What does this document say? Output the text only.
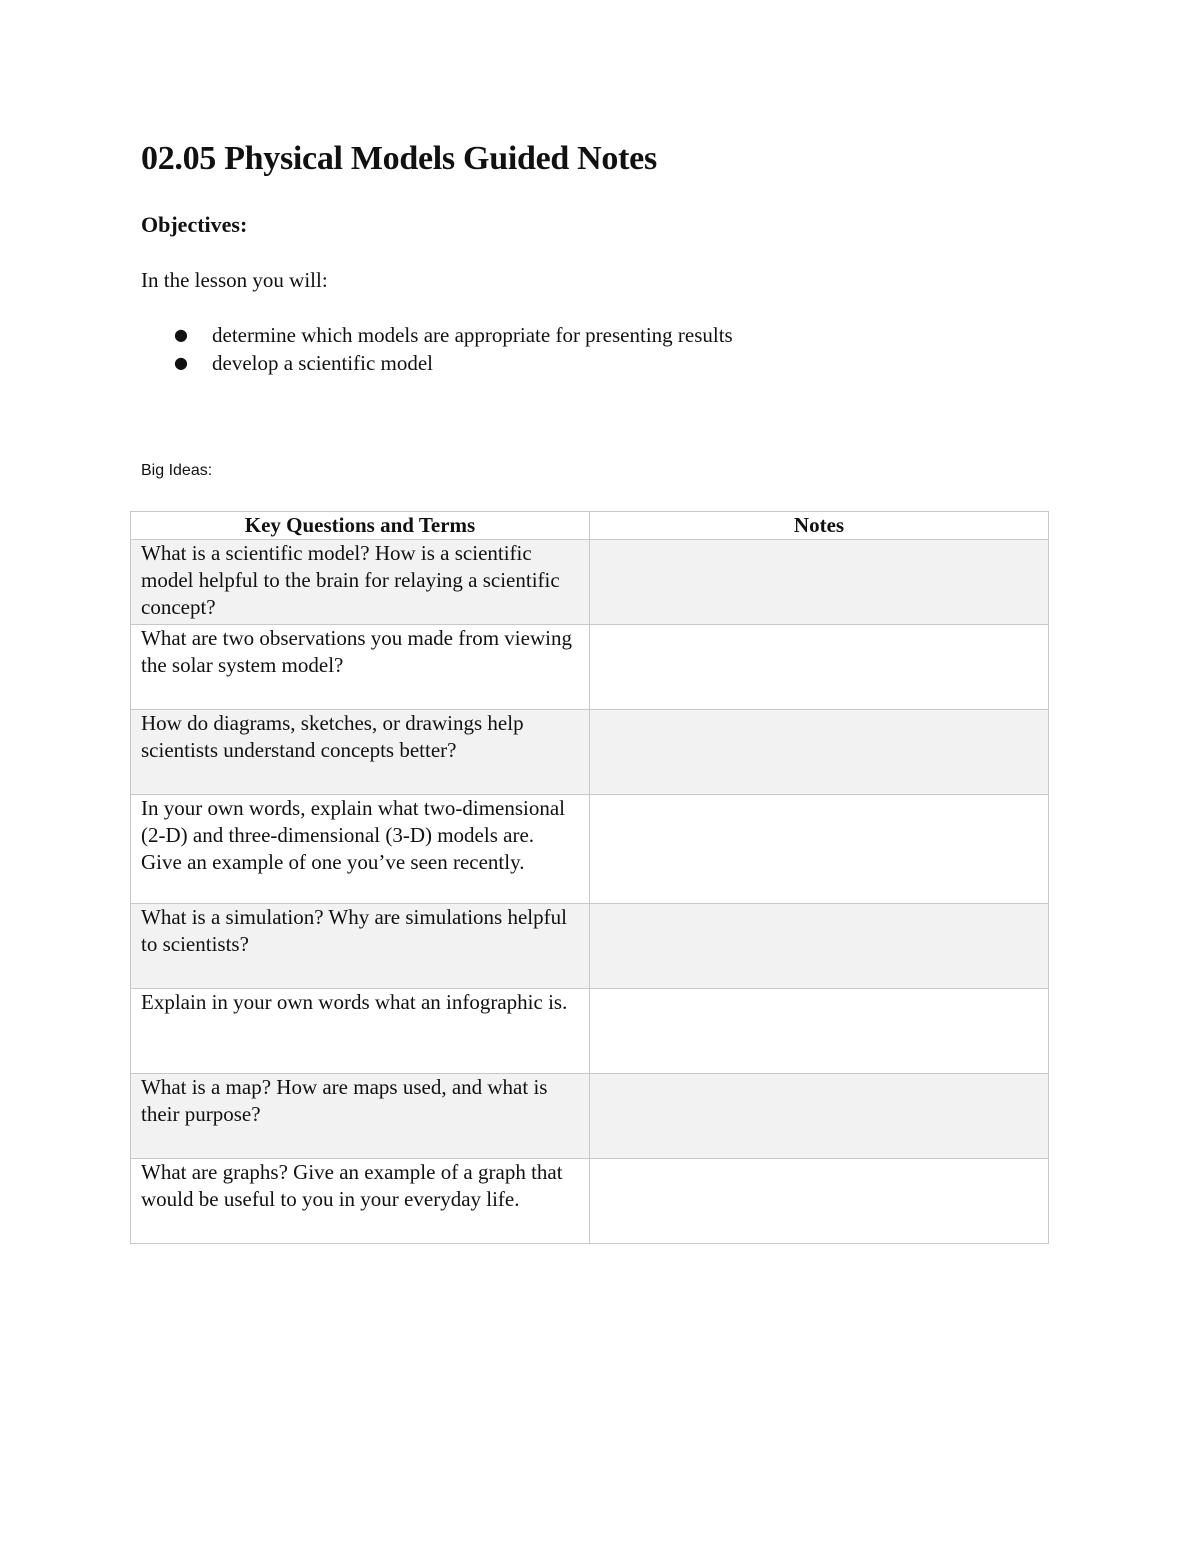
02.05 Physical Models Guided Notes
Objectives:

In the lesson you will:

● determine which models are appropriate for presenting results
● develop a scientific model

Big Ideas:

Key Questions and Terms	Notes
What is a scientific model? How is a scientific model helpful to the brain for relaying a scientific concept?	
What are two observations you made from viewing the solar system model?	
How do diagrams, sketches, or drawings help scientists understand concepts better?	
In your own words, explain what two-dimensional (2-D) and three-dimensional (3-D) models are. Give an example of one you’ve seen recently.	
What is a simulation? Why are simulations helpful to scientists?	
Explain in your own words what an infographic is.	
What is a map? How are maps used, and what is their purpose?	
What are graphs? Give an example of a graph that would be useful to you in your everyday life.	
